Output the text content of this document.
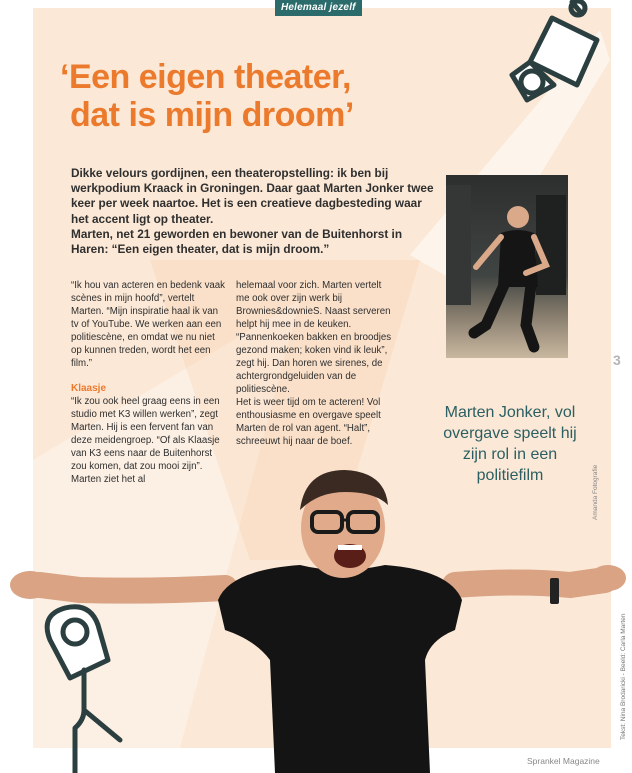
Helemaal jezelf
‘Een eigen theater,
dat is mijn droom’

Dikke velours gordijnen, een theateropstelling: ik ben bij werkpodium Kraack in Groningen. Daar gaat Marten Jonker twee keer per week naartoe. Het is een creatieve dagbesteding waar het accent ligt op theater.

Marten, net 21 geworden en bewoner van de Buitenhorst in Haren: “Een eigen theater, dat is mijn droom.”

“Ik hou van acteren en bedenk vaak scènes in mijn hoofd”, vertelt Marten. “Mijn inspiratie haal ik van tv of YouTube. We werken aan een politiescène, en omdat we nu niet op kunnen treden, wordt het een film.”

Klaasje

“Ik zou ook heel graag eens in een studio met K3 willen werken”, zegt Marten. Hij is een fervent fan van deze meidengroep. “Of als Klaasje van K3 eens naar de Buitenhorst zou komen, dat zou mooi zijn”. Marten ziet het al

helemaal voor zich. Marten vertelt me ook over zijn werk bij Brownies&downieS. Naast serveren helpt hij mee in de keuken. “Pannenkoeken bakken en broodjes gezond maken; koken vind ik leuk”, zegt hij. Dan horen we sirenes, de achtergrondgeluiden van de politiescène.

Het is weer tijd om te acteren! Vol enthousiasme en overgave speelt Marten de rol van agent. “Halt”, schreeuwt hij naar de boef.

3
Marten Jonker, vol overgave speelt hij zijn rol in een politiefilm	Amanda Fotografie
Tekst: Nina Brodaricki - Beeld: Carla Marten
Sprankel Magazine
